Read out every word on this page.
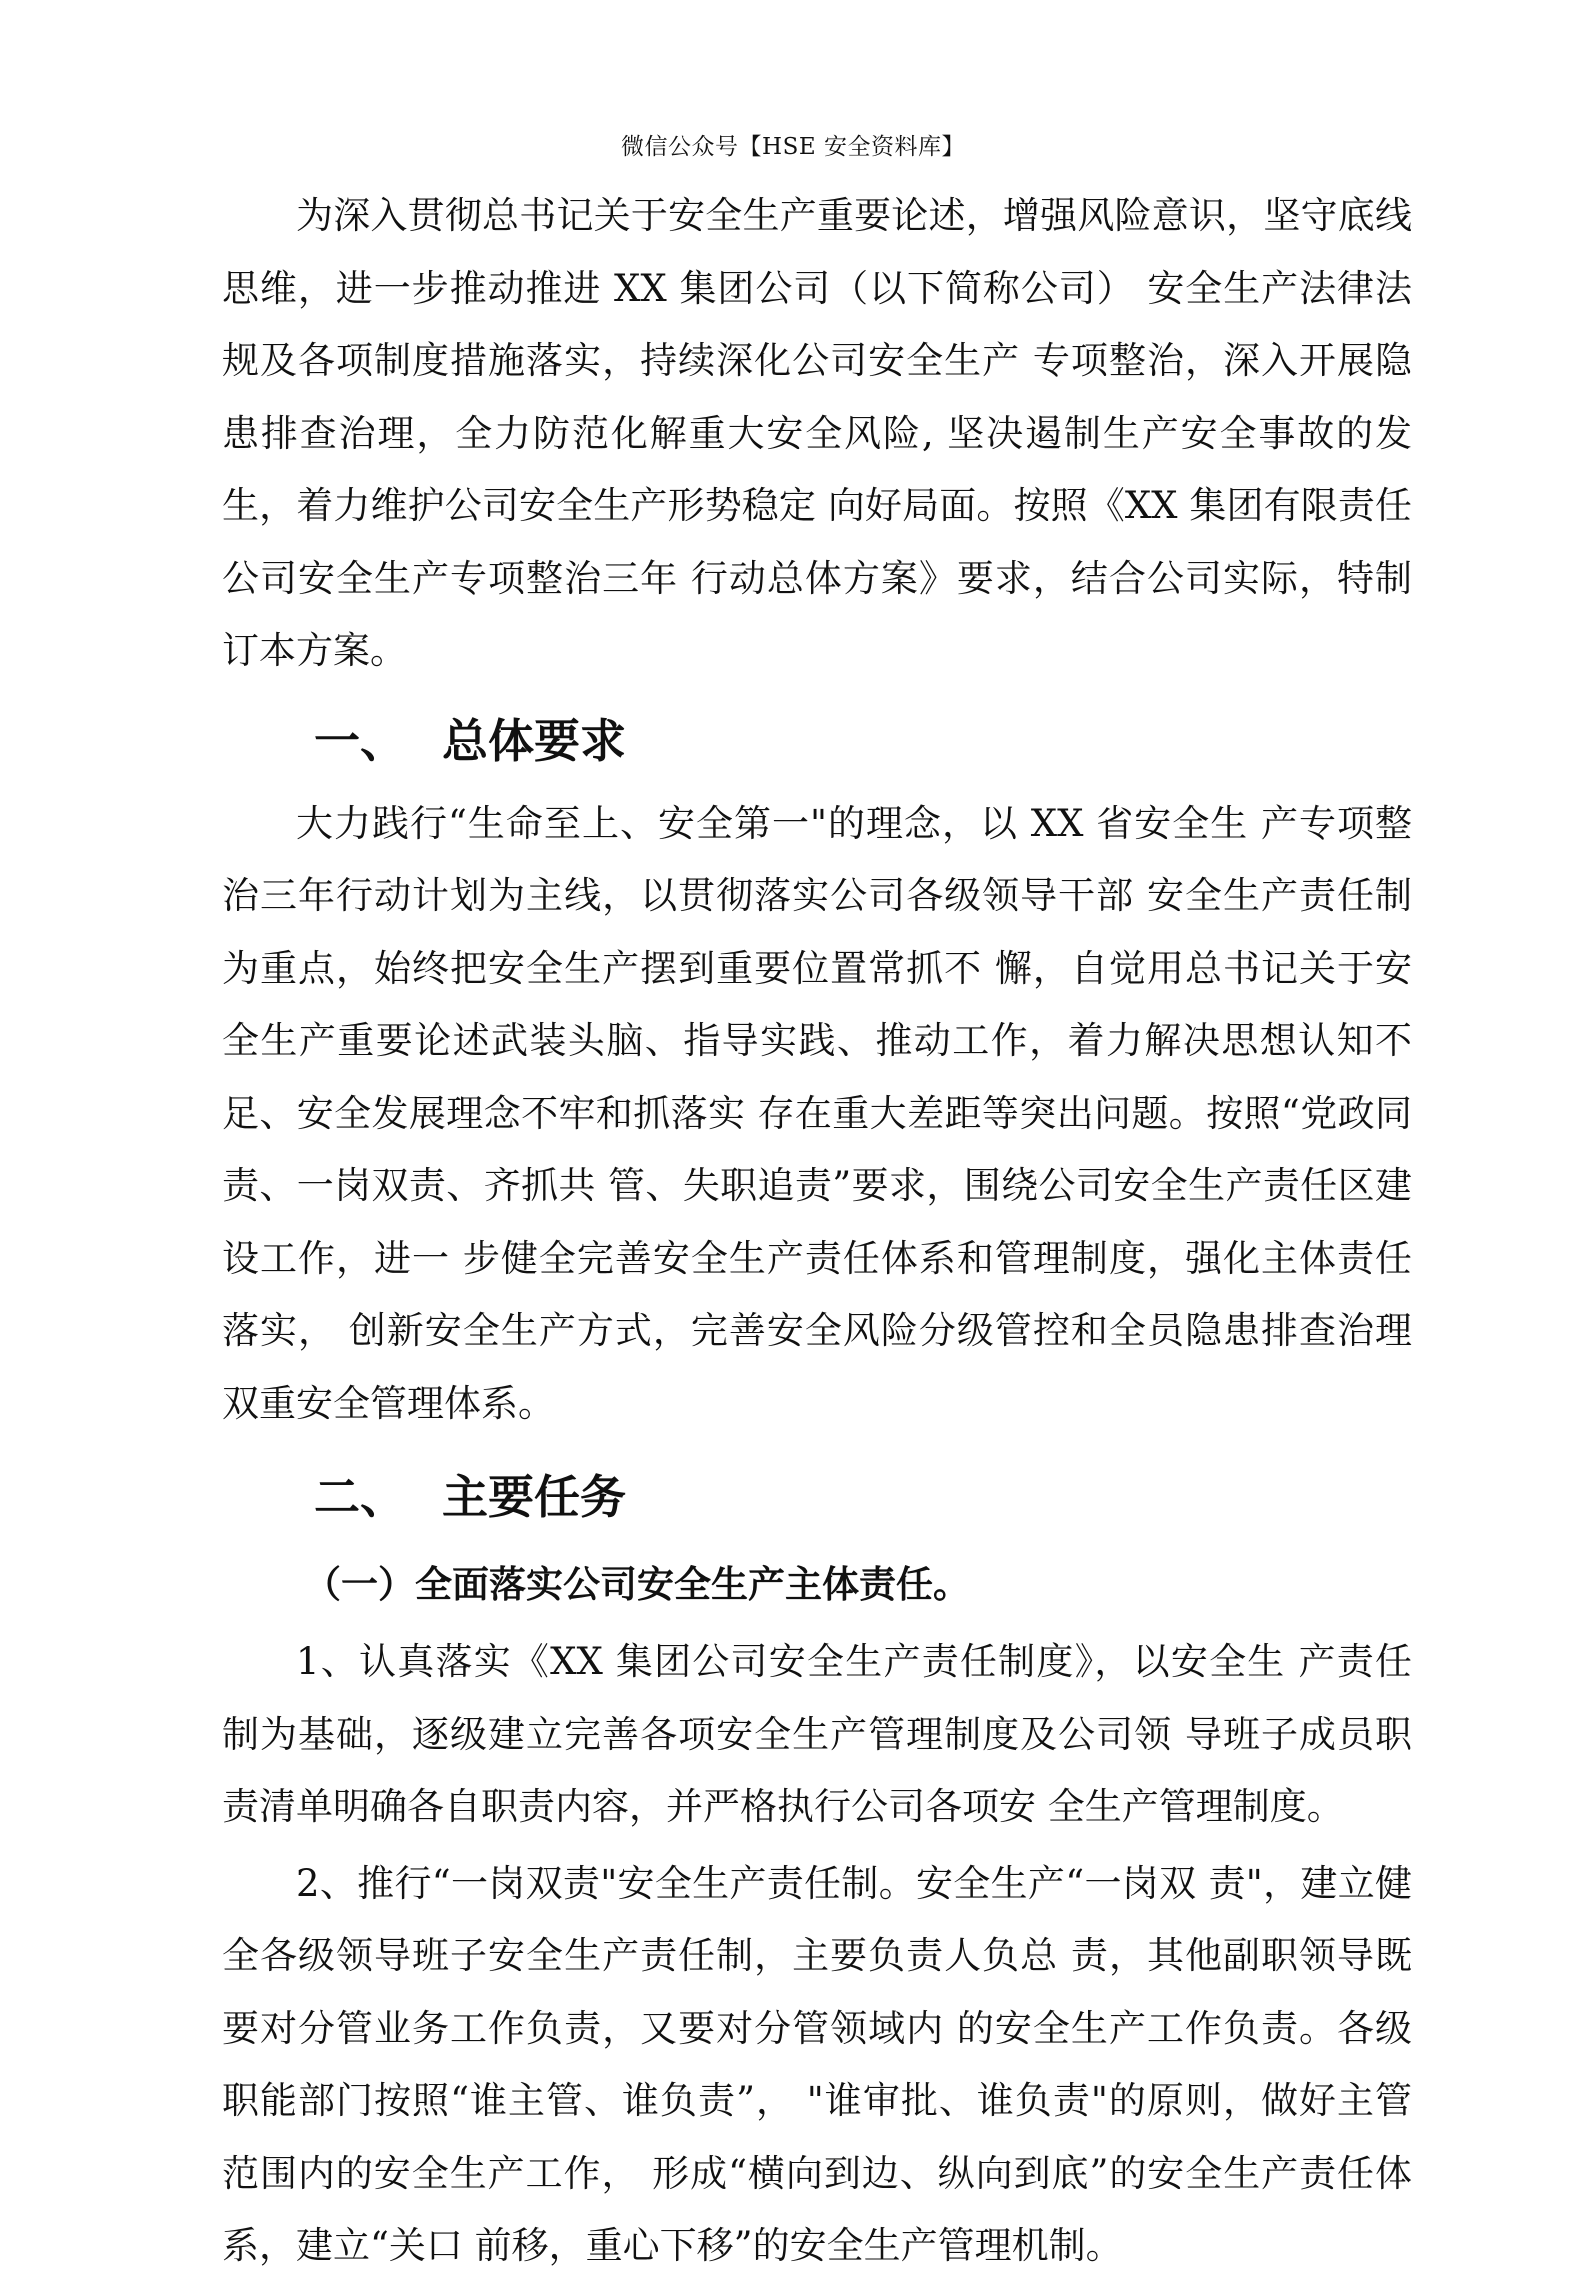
微信公众号【HSE 安全资料库】

为深入贯彻总书记关于安全生产重要论述，增强风险意识，坚守底线思维，进一步推动推进 XX 集团公司（以下简称公司） 安全生产法律法规及各项制度措施落实，持续深化公司安全生产 专项整治，深入开展隐患排查治理，全力防范化解重大安全风险, 坚决遏制生产安全事故的发生，着力维护公司安全生产形势稳定 向好局面。按照《XX 集团有限责任公司安全生产专项整治三年 行动总体方案》要求，结合公司实际，特制订本方案。

一、 总体要求

大力践行“生命至上、安全第一"的理念，以 XX 省安全生 产专项整治三年行动计划为主线，以贯彻落实公司各级领导干部 安全生产责任制为重点，始终把安全生产摆到重要位置常抓不 懈，自觉用总书记关于安全生产重要论述武装头脑、指导实践、推动工作，着力解决思想认知不足、安全发展理念不牢和抓落实 存在重大差距等突出问题。按照“党政同责、一岗双责、齐抓共 管、失职追责”要求，围绕公司安全生产责任区建设工作，进一 步健全完善安全生产责任体系和管理制度，强化主体责任落实， 创新安全生产方式，完善安全风险分级管控和全员隐患排查治理 双重安全管理体系。

二、 主要任务
（一）全面落实公司安全生产主体责任。

1、认真落实《XX 集团公司安全生产责任制度》，以安全生 产责任制为基础，逐级建立完善各项安全生产管理制度及公司领 导班子成员职责清单明确各自职责内容，并严格执行公司各项安 全生产管理制度。

2、推行“一岗双责"安全生产责任制。安全生产“一岗双 责"，建立健全各级领导班子安全生产责任制，主要负责人负总 责，其他副职领导既要对分管业务工作负责，又要对分管领域内 的安全生产工作负责。各级职能部门按照“谁主管、谁负责”， "谁审批、谁负责"的原则，做好主管范围内的安全生产工作， 形成“横向到边、纵向到底”的安全生产责任体系，建立“关口 前移，重心下移”的安全生产管理机制。
